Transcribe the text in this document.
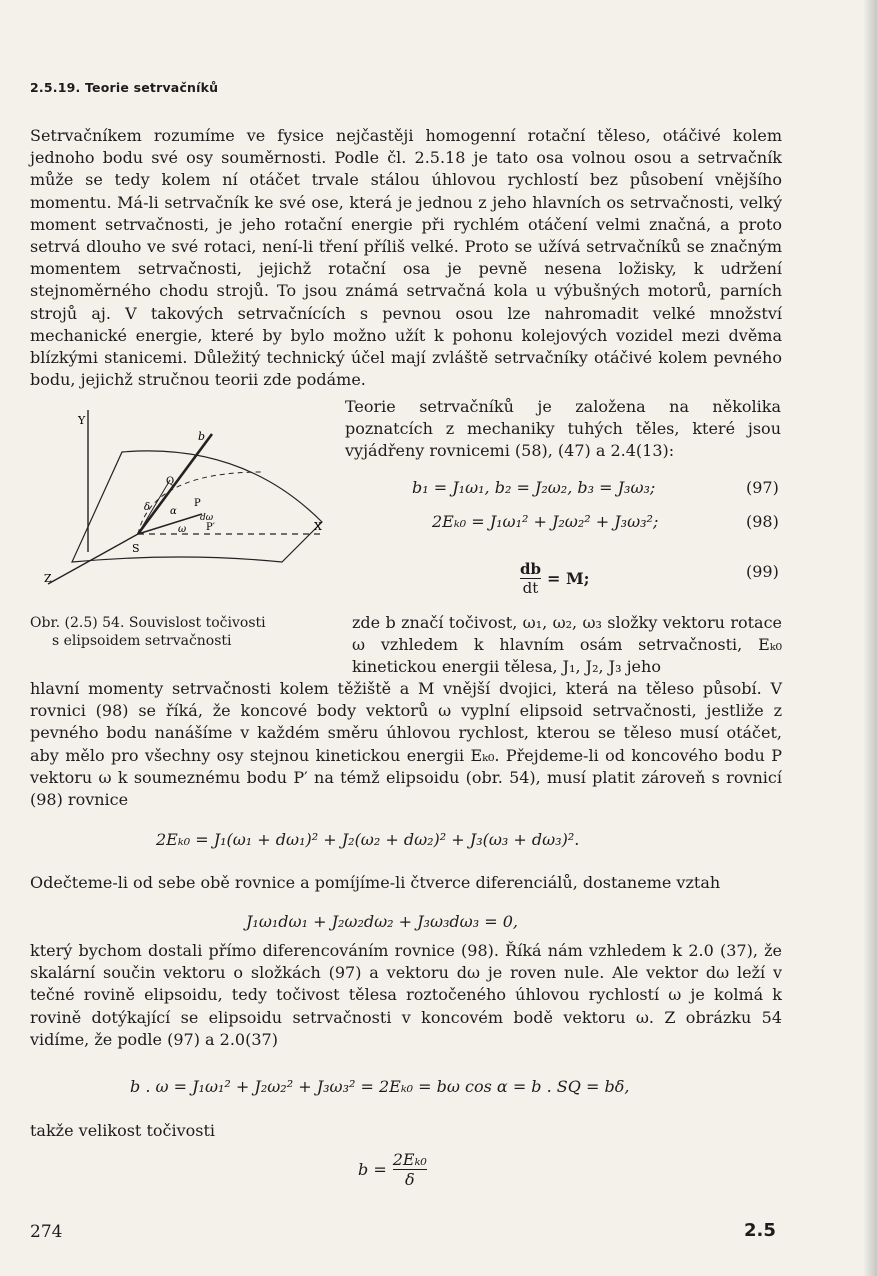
2.5.19. Teorie setrvačníků

Setrvačníkem rozumíme ve fysice nejčastěji homogenní rotační těleso, otáčivé kolem jednoho bodu své osy souměrnosti. Podle čl. 2.5.18 je tato osa volnou osou a setrvačník může se tedy kolem ní otáčet trvale stálou úhlovou rychlostí bez působení vnějšího momentu. Má-li setrvačník ke své ose, která je jednou z jeho hlavních os setrvačnosti, velký moment setrvačnosti, je jeho rotační energie při rychlém otáčení velmi značná, a proto setrvá dlouho ve své rotaci, není-li tření příliš velké. Proto se užívá setrvačníků se značným momentem setrvačnosti, jejichž rotační osa je pevně nesena ložisky, k udržení stejnoměrného chodu strojů. To jsou známá setrvačná kola u výbušných motorů, parních strojů aj. V takových setrvačnících s pevnou osou lze nahromadit velké množství mechanické energie, které by bylo možno užít k pohonu kolejových vozidel mezi dvěma blízkými stanicemi. Důležitý technický účel mají zvláště setrvačníky otáčivé kolem pevného bodu, jejichž stručnou teorii zde podáme.

Y
Z
X
S
b
Q
P
P′
δ α
ω
dω

Teorie setrvačníků je založena na několika poznatcích z mechaniky tuhých těles, které jsou vyjádřeny rovnicemi (58), (47) a 2.4(13):

b₁ = J₁ω₁, b₂ = J₂ω₂, b₃ = J₃ω₃;	(97)
2Eₖ₀ = J₁ω₁² + J₂ω₂² + J₃ω₃²;	(98)
db
dt = M;	(99)
Obr. (2.5) 54. Souvislost točivosti
s elipsoidem setrvačnosti

zde b značí točivost, ω₁, ω₂, ω₃ složky vektoru rotace ω vzhledem k hlavním osám setrvačnosti, Eₖ₀ kinetickou energii tělesa, J₁, J₂, J₃ jeho

hlavní momenty setrvačnosti kolem těžiště a M vnější dvojici, která na těleso působí. V rovnici (98) se říká, že koncové body vektorů ω vyplní elipsoid setrvačnosti, jestliže z pevného bodu nanášíme v každém směru úhlovou rychlost, kterou se těleso musí otáčet, aby mělo pro všechny osy stejnou kinetickou energii Eₖ₀. Přejdeme-li od koncového bodu P vektoru ω k soumeznému bodu P′ na témž elipsoidu (obr. 54), musí platit zároveň s rovnicí (98) rovnice

2Eₖ₀ = J₁(ω₁ + dω₁)² + J₂(ω₂ + dω₂)² + J₃(ω₃ + dω₃)².

Odečteme-li od sebe obě rovnice a pomíjíme-li čtverce diferenciálů, dostaneme vztah

J₁ω₁dω₁ + J₂ω₂dω₂ + J₃ω₃dω₃ = 0,

který bychom dostali přímo diferencováním rovnice (98). Říká nám vzhledem k 2.0 (37), že skalární součin vektoru o složkách (97) a vektoru dω je roven nule. Ale vektor dω leží v tečné rovině elipsoidu, tedy točivost tělesa roztočeného úhlovou rychlostí ω je kolmá k rovině dotýkající se elipsoidu setrvačnosti v koncovém bodě vektoru ω. Z obrázku 54 vidíme, že podle (97) a 2.0(37)

b . ω = J₁ω₁² + J₂ω₂² + J₃ω₃² = 2Eₖ₀ = bω cos α = b . SQ = bδ,

takže velikost točivosti

b =
2Eₖ₀
δ
274	2.5
